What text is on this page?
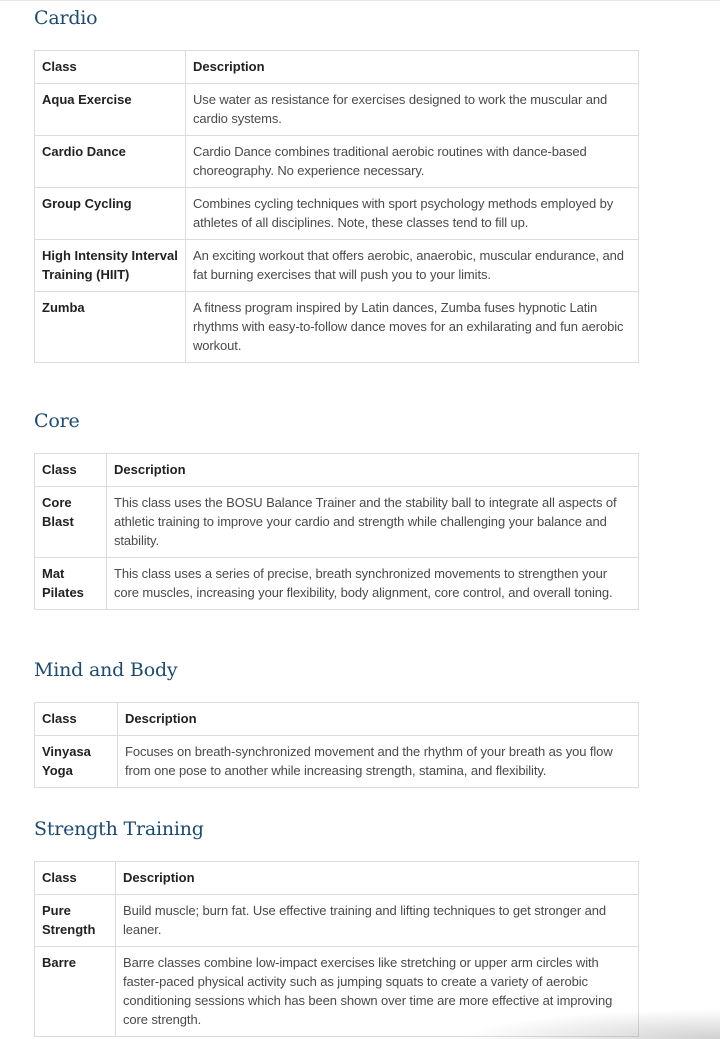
Cardio
Class	Description
Aqua Exercise	Use water as resistance for exercises designed to work the muscular and cardio systems.
Cardio Dance	Cardio Dance combines traditional aerobic routines with dance-based choreography. No experience necessary.
Group Cycling	Combines cycling techniques with sport psychology methods employed by athletes of all disciplines. Note, these classes tend to fill up.
High Intensity Interval Training (HIIT)	An exciting workout that offers aerobic, anaerobic, muscular endurance, and fat burning exercises that will push you to your limits.
Zumba	A fitness program inspired by Latin dances, Zumba fuses hypnotic Latin rhythms with easy-to-follow dance moves for an exhilarating and fun aerobic workout.
Core
Class	Description
Core Blast	This class uses the BOSU Balance Trainer and the stability ball to integrate all aspects of athletic training to improve your cardio and strength while challenging your balance and stability.
Mat Pilates	This class uses a series of precise, breath synchronized movements to strengthen your core muscles, increasing your flexibility, body alignment, core control, and overall toning.
Mind and Body
Class	Description
Vinyasa Yoga	Focuses on breath-synchronized movement and the rhythm of your breath as you flow from one pose to another while increasing strength, stamina, and flexibility.
Strength Training
Class	Description
Pure Strength	Build muscle; burn fat. Use effective training and lifting techniques to get stronger and leaner.
Barre	Barre classes combine low-impact exercises like stretching or upper arm circles with faster-paced physical activity such as jumping squats to create a variety of aerobic conditioning sessions which has been shown over time are more effective at improving core strength.
